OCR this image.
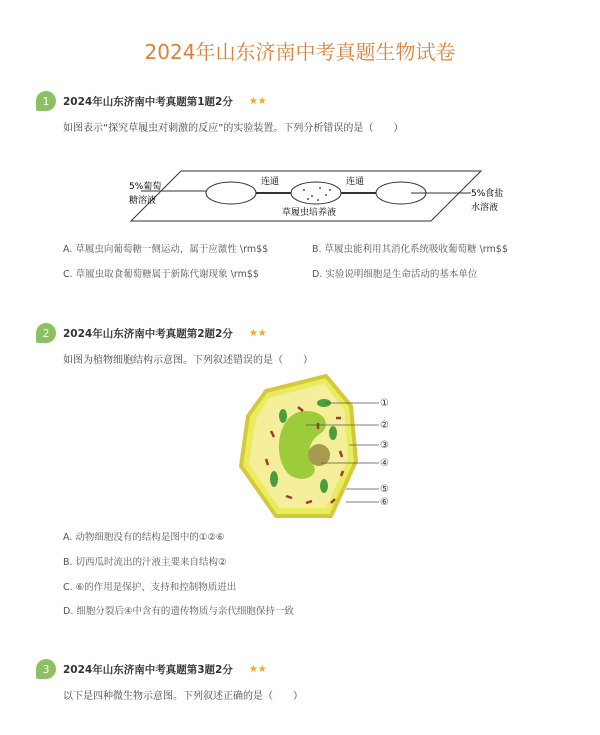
2024年山东济南中考真题生物试卷
1	2024年山东济南中考真题第1题2分 ★★
如图表示“探究草履虫对刺激的反应”的实验装置。下列分析错误的是（　　）
5%葡萄
糖溶液
连通	连通
5%食盐
水溶液
草履虫培养液
A. 草履虫向葡萄糖一侧运动，属于应激性 \rm$$	B. 草履虫能利用其消化系统吸收葡萄糖 \rm$$
C. 草履虫取食葡萄糖属于新陈代谢现象 \rm$$	D. 实验说明细胞是生命活动的基本单位
2	2024年山东济南中考真题第2题2分 ★★
如图为植物细胞结构示意图。下列叙述错误的是（　　）
①
②
③
④
⑤
⑥
A. 动物细胞没有的结构是图中的①②⑥
B. 切西瓜时流出的汁液主要来自结构②
C. ⑥的作用是保护、支持和控制物质进出
D. 细胞分裂后④中含有的遗传物质与亲代细胞保持一致
3	2024年山东济南中考真题第3题2分 ★★
以下是四种微生物示意图。下列叙述正确的是（　　）
